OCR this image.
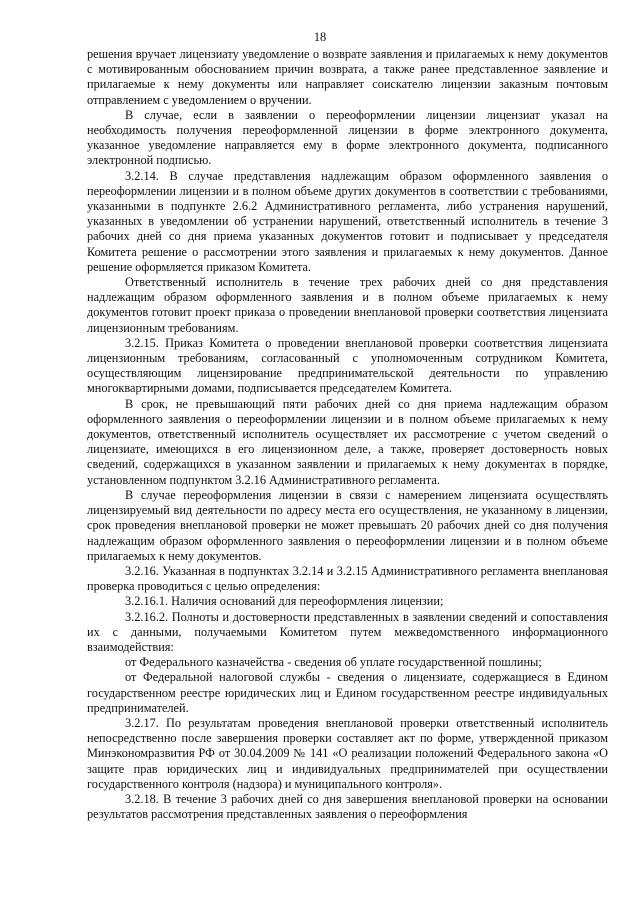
18

решения вручает лицензиату уведомление о возврате заявления и прилагаемых к нему документов с мотивированным обоснованием причин возврата, а также ранее представленное заявление и прилагаемые к нему документы или направляет соискателю лицензии заказным почтовым отправлением с уведомлением о вручении.

В случае, если в заявлении о переоформлении лицензии лицензиат указал на необходимость получения переоформленной лицензии в форме электронного документа, указанное уведомление направляется ему в форме электронного документа, подписанного электронной подписью.

3.2.14. В случае представления надлежащим образом оформленного заявления о переоформлении лицензии и в полном объеме других документов в соответствии с требованиями, указанными в подпункте 2.6.2 Административного регламента, либо устранения нарушений, указанных в уведомлении об устранении нарушений, ответственный исполнитель в течение 3 рабочих дней со дня приема указанных документов готовит и подписывает у председателя Комитета решение о рассмотрении этого заявления и прилагаемых к нему документов. Данное решение оформляется приказом Комитета.

Ответственный исполнитель в течение трех рабочих дней со дня представления надлежащим образом оформленного заявления и в полном объеме прилагаемых к нему документов готовит проект приказа о проведении внеплановой проверки соответствия лицензиата лицензионным требованиям.

3.2.15. Приказ Комитета о проведении внеплановой проверки соответствия лицензиата лицензионным требованиям, согласованный с уполномоченным сотрудником Комитета, осуществляющим лицензирование предпринимательской деятельности по управлению многоквартирными домами, подписывается председателем Комитета.

В срок, не превышающий пяти рабочих дней со дня приема надлежащим образом оформленного заявления о переоформлении лицензии и в полном объеме прилагаемых к нему документов, ответственный исполнитель осуществляет их рассмотрение с учетом сведений о лицензиате, имеющихся в его лицензионном деле, а также, проверяет достоверность новых сведений, содержащихся в указанном заявлении и прилагаемых к нему документах в порядке, установленном подпунктом 3.2.16 Административного регламента.

В случае переоформления лицензии в связи с намерением лицензиата осуществлять лицензируемый вид деятельности по адресу места его осуществления, не указанному в лицензии, срок проведения внеплановой проверки не может превышать 20 рабочих дней со дня получения надлежащим образом оформленного заявления о переоформлении лицензии и в полном объеме прилагаемых к нему документов.

3.2.16. Указанная в подпунктах 3.2.14 и 3.2.15 Административного регламента внеплановая проверка проводиться с целью определения:

3.2.16.1. Наличия оснований для переоформления лицензии;

3.2.16.2. Полноты и достоверности представленных в заявлении сведений и сопоставления их с данными, получаемыми Комитетом путем межведомственного информационного взаимодействия:

от Федерального казначейства - сведения об уплате государственной пошлины;

от Федеральной налоговой службы - сведения о лицензиате, содержащиеся в Едином государственном реестре юридических лиц и Едином государственном реестре индивидуальных предпринимателей.

3.2.17. По результатам проведения внеплановой проверки ответственный исполнитель непосредственно после завершения проверки составляет акт по форме, утвержденной приказом Минэкономразвития РФ от 30.04.2009 № 141 «О реализации положений Федерального закона «О защите прав юридических лиц и индивидуальных предпринимателей при осуществлении государственного контроля (надзора) и муниципального контроля».

3.2.18. В течение 3 рабочих дней со дня завершения внеплановой проверки на основании результатов рассмотрения представленных заявления о переоформления
